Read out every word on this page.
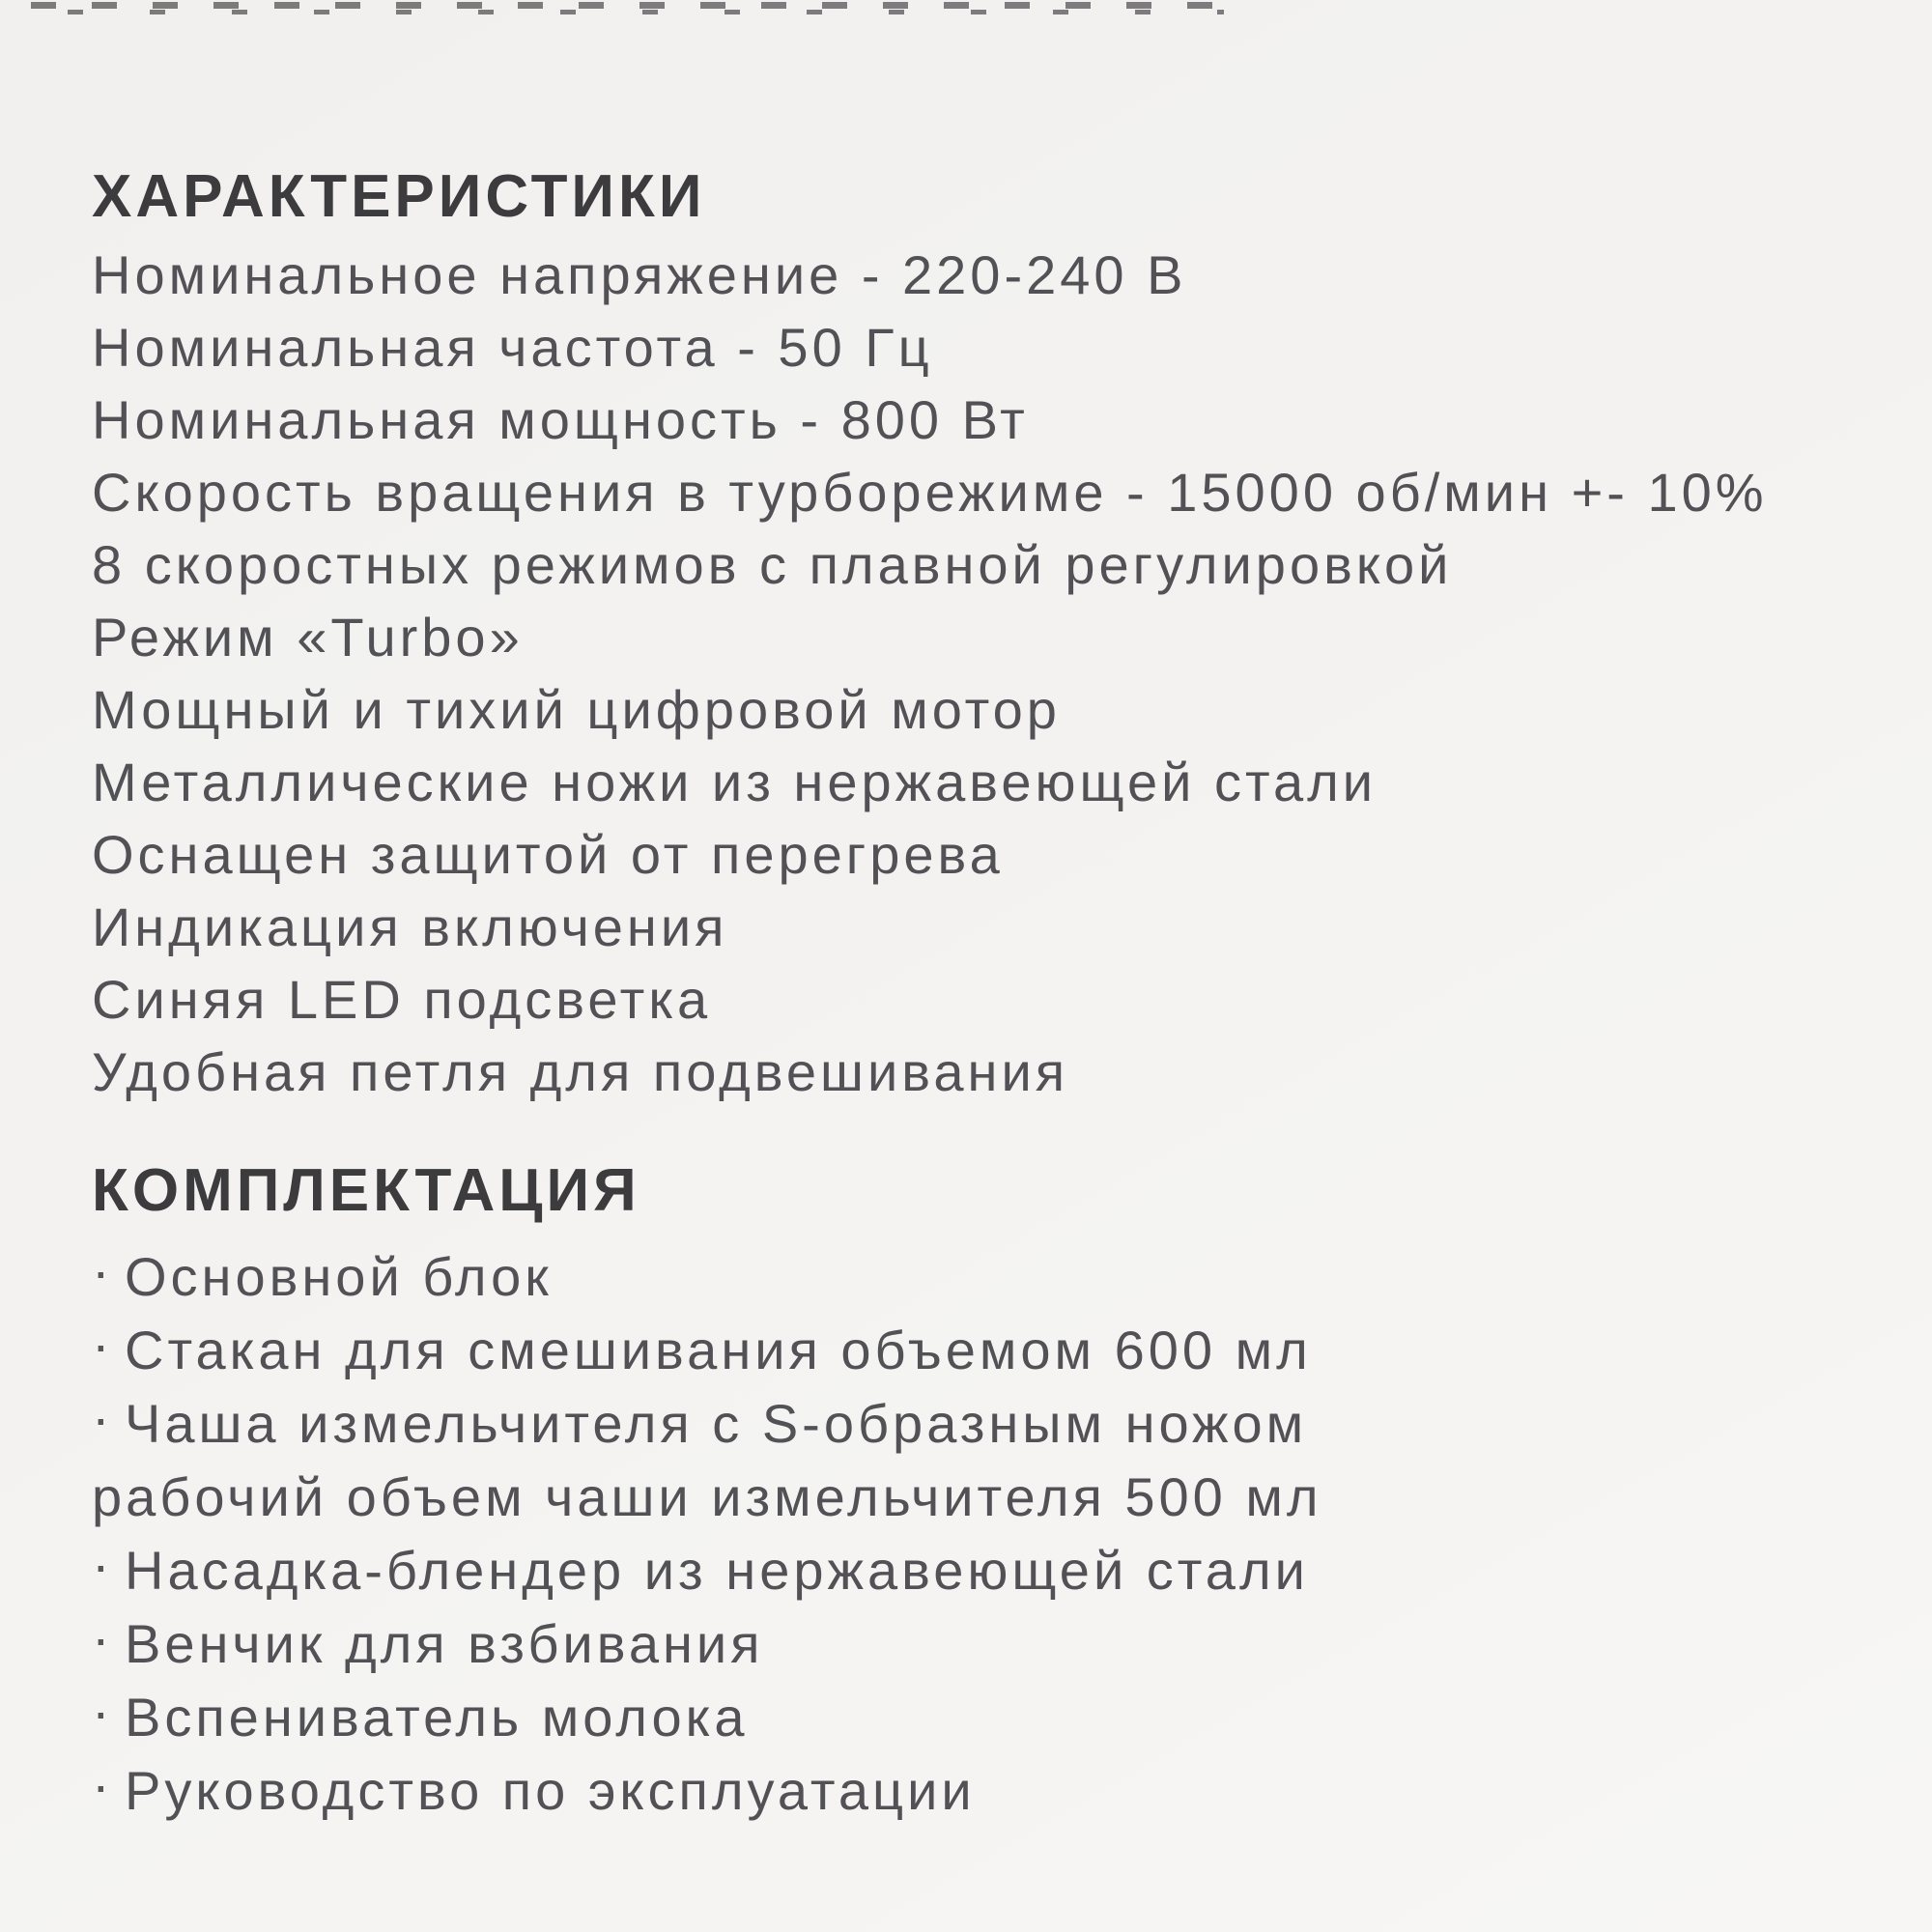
ХАРАКТЕРИСТИКИ
Номинальное напряжение - 220-240 В
Номинальная частота - 50 Гц
Номинальная мощность - 800 Вт
Скорость вращения в турборежиме - 15000 об/мин +- 10%
8 скоростных режимов с плавной регулировкой
Режим «Turbo»
Мощный и тихий цифровой мотор
Металлические ножи из нержавеющей стали
Оснащен защитой от перегрева
Индикация включения
Синяя LED подсветка
Удобная петля для подвешивания
КОМПЛЕКТАЦИЯ
· Основной блок
· Стакан для смешивания объемом 600 мл
· Чаша измельчителя с S-образным ножом
рабочий объем чаши измельчителя 500 мл
· Насадка-блендер из нержавеющей стали
· Венчик для взбивания
· Вспениватель молока
· Руководство по эксплуатации
